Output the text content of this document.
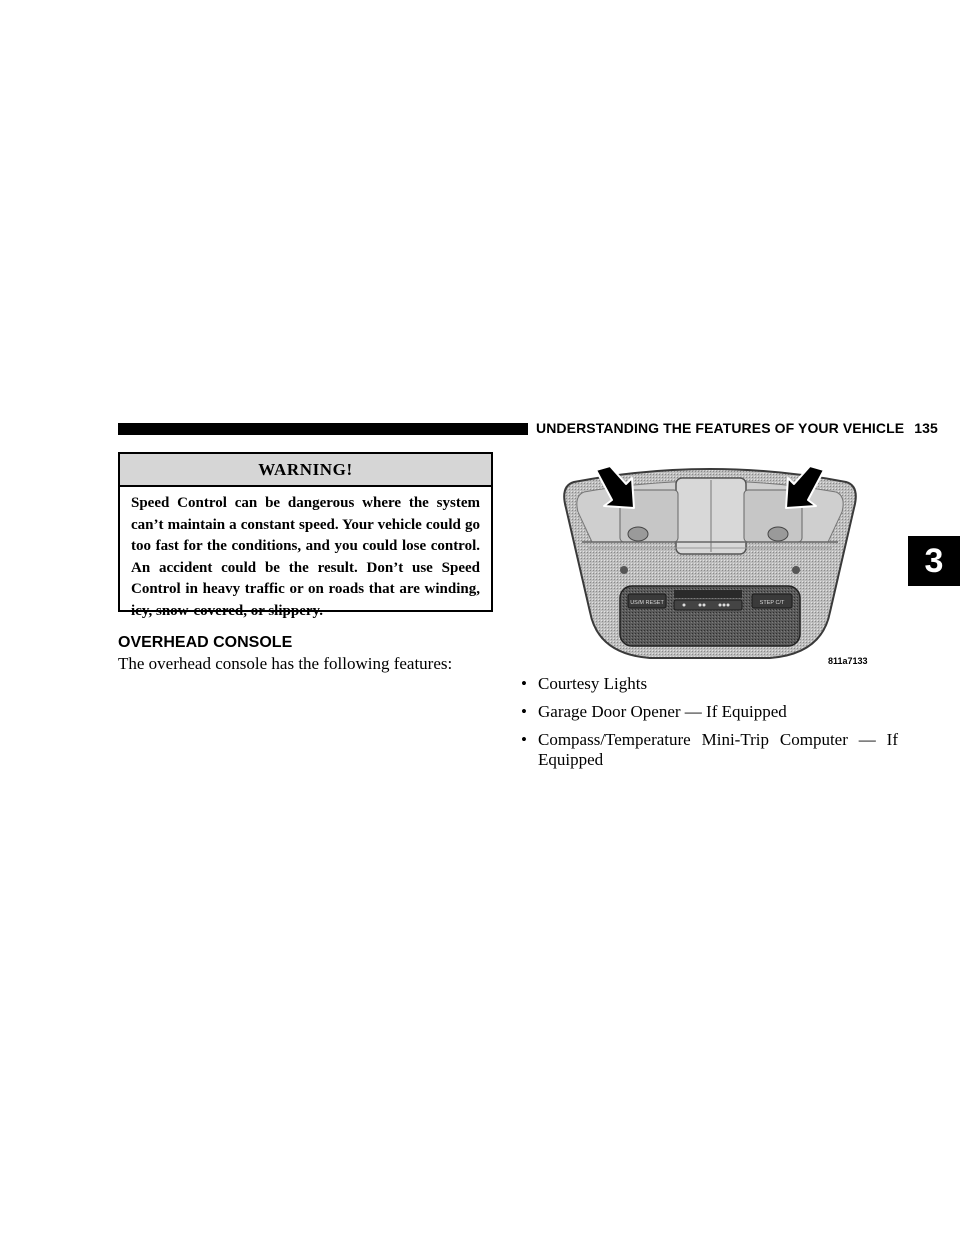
UNDERSTANDING THE FEATURES OF YOUR VEHICLE 135
WARNING!
Speed Control can be dangerous where the system can’t maintain a constant speed. Your vehicle could go too fast for the conditions, and you could lose control. An accident could be the result. Don’t use Speed Control in heavy traffic or on roads that are winding, icy, snow-covered, or slippery.
OVERHEAD CONSOLE
The overhead console has the following features:
US/M RESET	STEP C/T
811a7133
• Courtesy Lights
• Garage Door Opener — If Equipped
• Compass/Temperature Mini-Trip Computer — If Equipped
3
